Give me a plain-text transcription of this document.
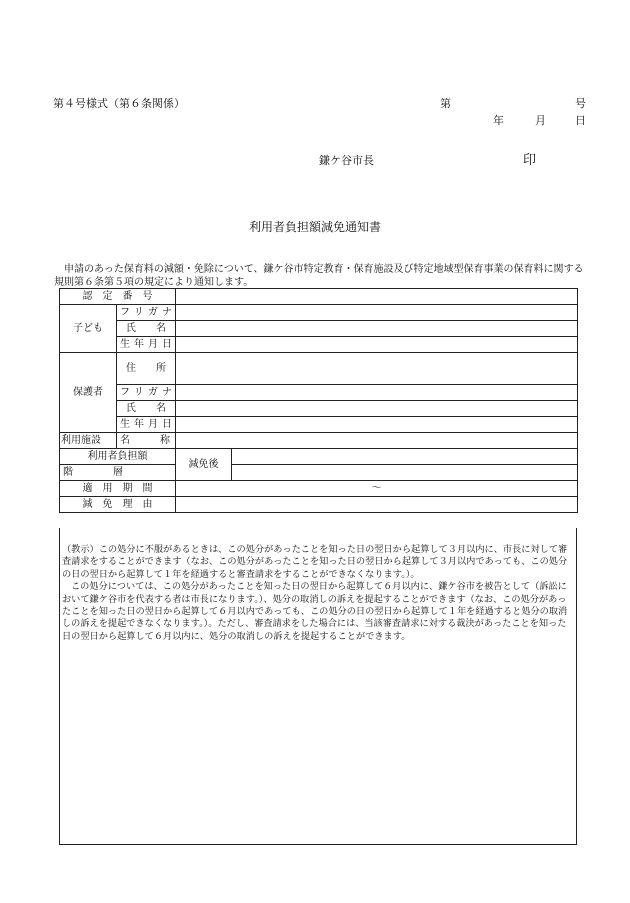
第４号様式（第６条関係）	第	号
年	月	日
鎌ケ谷市長	印
利用者負担額減免通知書
申請のあった保育料の減額・免除について、鎌ケ谷市特定教育・保育施設及び特定地域型保育事業の保育料に関する規則第６条第５項の規定により通知します。
認　定　番　号			
子ども	フリガナ		
	氏　　名		
	生年月日		
保護者	住　　所		
	フリガナ		
	氏　　名		
	生年月日		
利用施設	名　　　称		
利用者負担額		減免後	
階　　　　層			
適　用　期　間		～	
減　免　理　由			

（教示）この処分に不服があるときは、この処分があったことを知った日の翌日から起算して３月以内に、市長に対して審査請求をすることができます（なお、この処分があったことを知った日の翌日から起算して３月以内であっても、この処分の日の翌日から起算して１年を経過すると審査請求をすることができなくなります。）。

この処分については、この処分があったことを知った日の翌日から起算して６月以内に、鎌ケ谷市を被告として（訴訟において鎌ケ谷市を代表する者は市長になります。）、処分の取消しの訴えを提起することができます（なお、この処分があったことを知った日の翌日から起算して６月以内であっても、この処分の日の翌日から起算して１年を経過すると処分の取消しの訴えを提起できなくなります。）。ただし、審査請求をした場合には、当該審査請求に対する裁決があったことを知った日の翌日から起算して６月以内に、処分の取消しの訴えを提起することができます。
